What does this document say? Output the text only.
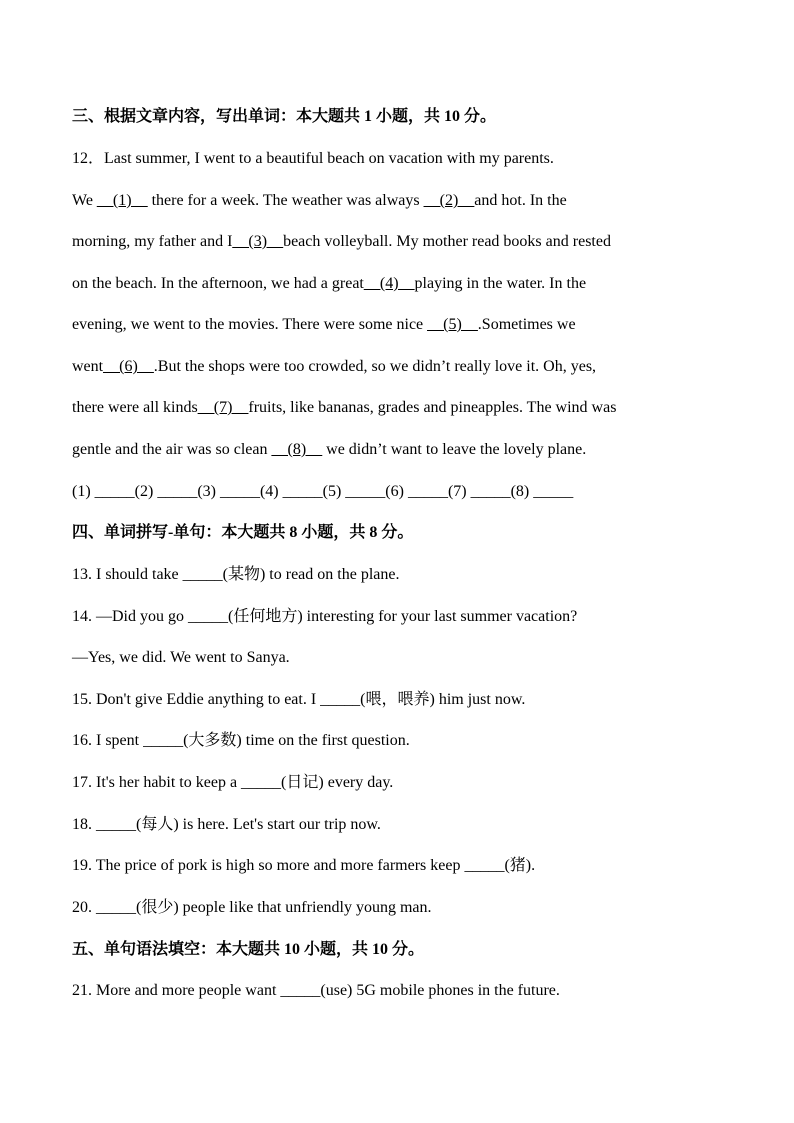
三、根据文章内容，写出单词：本大题共 1 小题，共 10 分。
12．Last summer, I went to a beautiful beach on vacation with my parents.
We __(1)__ there for a week. The weather was always __(2)__and hot. In the
morning, my father and I__(3)__beach volleyball. My mother read books and rested
on the beach. In the afternoon, we had a great__(4)__playing in the water. In the
evening, we went to the movies. There were some nice __(5)__.Sometimes we
went__(6)__.But the shops were too crowded, so we didn’t really love it. Oh, yes,
there were all kinds__(7)__fruits, like bananas, grades and pineapples. The wind was
gentle and the air was so clean __(8)__ we didn’t want to leave the lovely plane.
(1) _____(2) _____(3) _____(4) _____(5) _____(6) _____(7) _____(8) _____
四、单词拼写-单句：本大题共 8 小题，共 8 分。
13. I should take _____(某物) to read on the plane.
14. —Did you go _____(任何地方) interesting for your last summer vacation?
—Yes, we did. We went to Sanya.
15. Don't give Eddie anything to eat. I _____(喂，喂养) him just now.
16. I spent _____(大多数) time on the first question.
17. It's her habit to keep a _____(日记) every day.
18. _____(每人) is here. Let's start our trip now.
19. The price of pork is high so more and more farmers keep _____(猪).
20. _____(很少) people like that unfriendly young man.
五、单句语法填空：本大题共 10 小题，共 10 分。
21. More and more people want _____(use) 5G mobile phones in the future.
